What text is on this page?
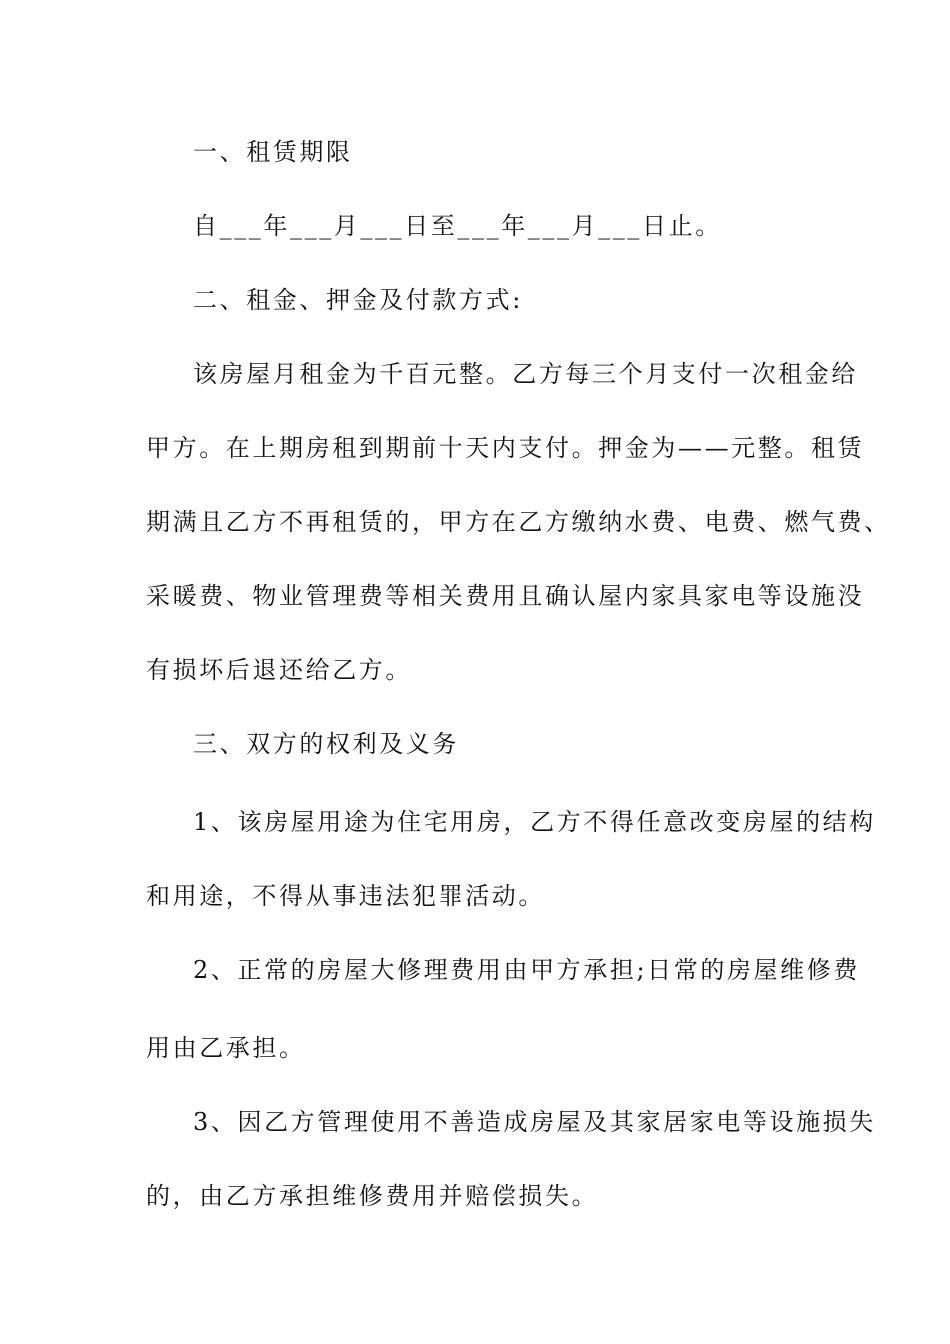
一、租赁期限
自___年___月___日至___年___月___日止。
二、租金、押金及付款方式:
该房屋月租金为千百元整。乙方每三个月支付一次租金给
甲方。在上期房租到期前十天内支付。押金为——元整。租赁
期满且乙方不再租赁的，甲方在乙方缴纳水费、电费、燃气费、
采暖费、物业管理费等相关费用且确认屋内家具家电等设施没
有损坏后退还给乙方。
三、双方的权利及义务
1、该房屋用途为住宅用房，乙方不得任意改变房屋的结构
和用途，不得从事违法犯罪活动。
2、正常的房屋大修理费用由甲方承担;日常的房屋维修费
用由乙承担。
3、因乙方管理使用不善造成房屋及其家居家电等设施损失
的，由乙方承担维修费用并赔偿损失。
